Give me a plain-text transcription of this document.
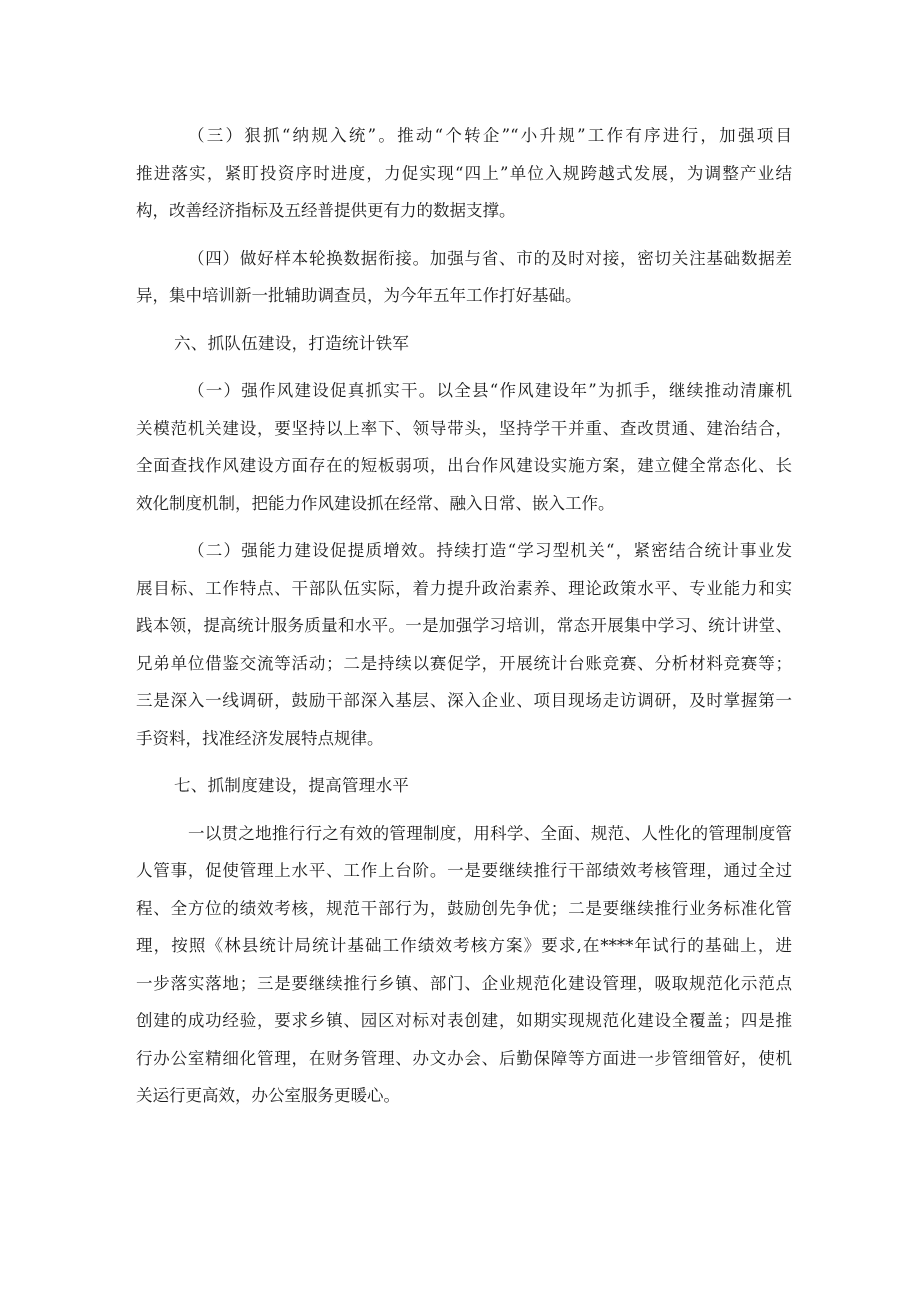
（三）狠抓“纳规入统”。推动“个转企”“小升规”工作有序进行，加强项目
推进落实，紧盯投资序时进度，力促实现“四上”单位入规跨越式发展，为调整产业结
构，改善经济指标及五经普提供更有力的数据支撑。
（四）做好样本轮换数据衔接。加强与省、市的及时对接，密切关注基础数据差
异，集中培训新一批辅助调查员，为今年五年工作打好基础。
六、抓队伍建设，打造统计铁军
（一）强作风建设促真抓实干。以全县“作风建设年”为抓手，继续推动清廉机
关模范机关建设，要坚持以上率下、领导带头，坚持学干并重、查改贯通、建治结合，
全面查找作风建设方面存在的短板弱项，出台作风建设实施方案，建立健全常态化、长
效化制度机制，把能力作风建设抓在经常、融入日常、嵌入工作。
（二）强能力建设促提质增效。持续打造“学习型机关“，紧密结合统计事业发
展目标、工作特点、干部队伍实际，着力提升政治素养、理论政策水平、专业能力和实
践本领，提高统计服务质量和水平。一是加强学习培训，常态开展集中学习、统计讲堂、
兄弟单位借鉴交流等活动；二是持续以赛促学，开展统计台账竞赛、分析材料竞赛等；
三是深入一线调研，鼓励干部深入基层、深入企业、项目现场走访调研，及时掌握第一
手资料，找准经济发展特点规律。
七、抓制度建设，提高管理水平
一以贯之地推行行之有效的管理制度，用科学、全面、规范、人性化的管理制度管
人管事，促使管理上水平、工作上台阶。一是要继续推行干部绩效考核管理，通过全过
程、全方位的绩效考核，规范干部行为，鼓励创先争优；二是要继续推行业务标准化管
理，按照《林县统计局统计基础工作绩效考核方案》要求,在****年试行的基础上，进
一步落实落地；三是要继续推行乡镇、部门、企业规范化建设管理，吸取规范化示范点
创建的成功经验，要求乡镇、园区对标对表创建，如期实现规范化建设全覆盖；四是推
行办公室精细化管理，在财务管理、办文办会、后勤保障等方面进一步管细管好，使机
关运行更高效，办公室服务更暖心。
